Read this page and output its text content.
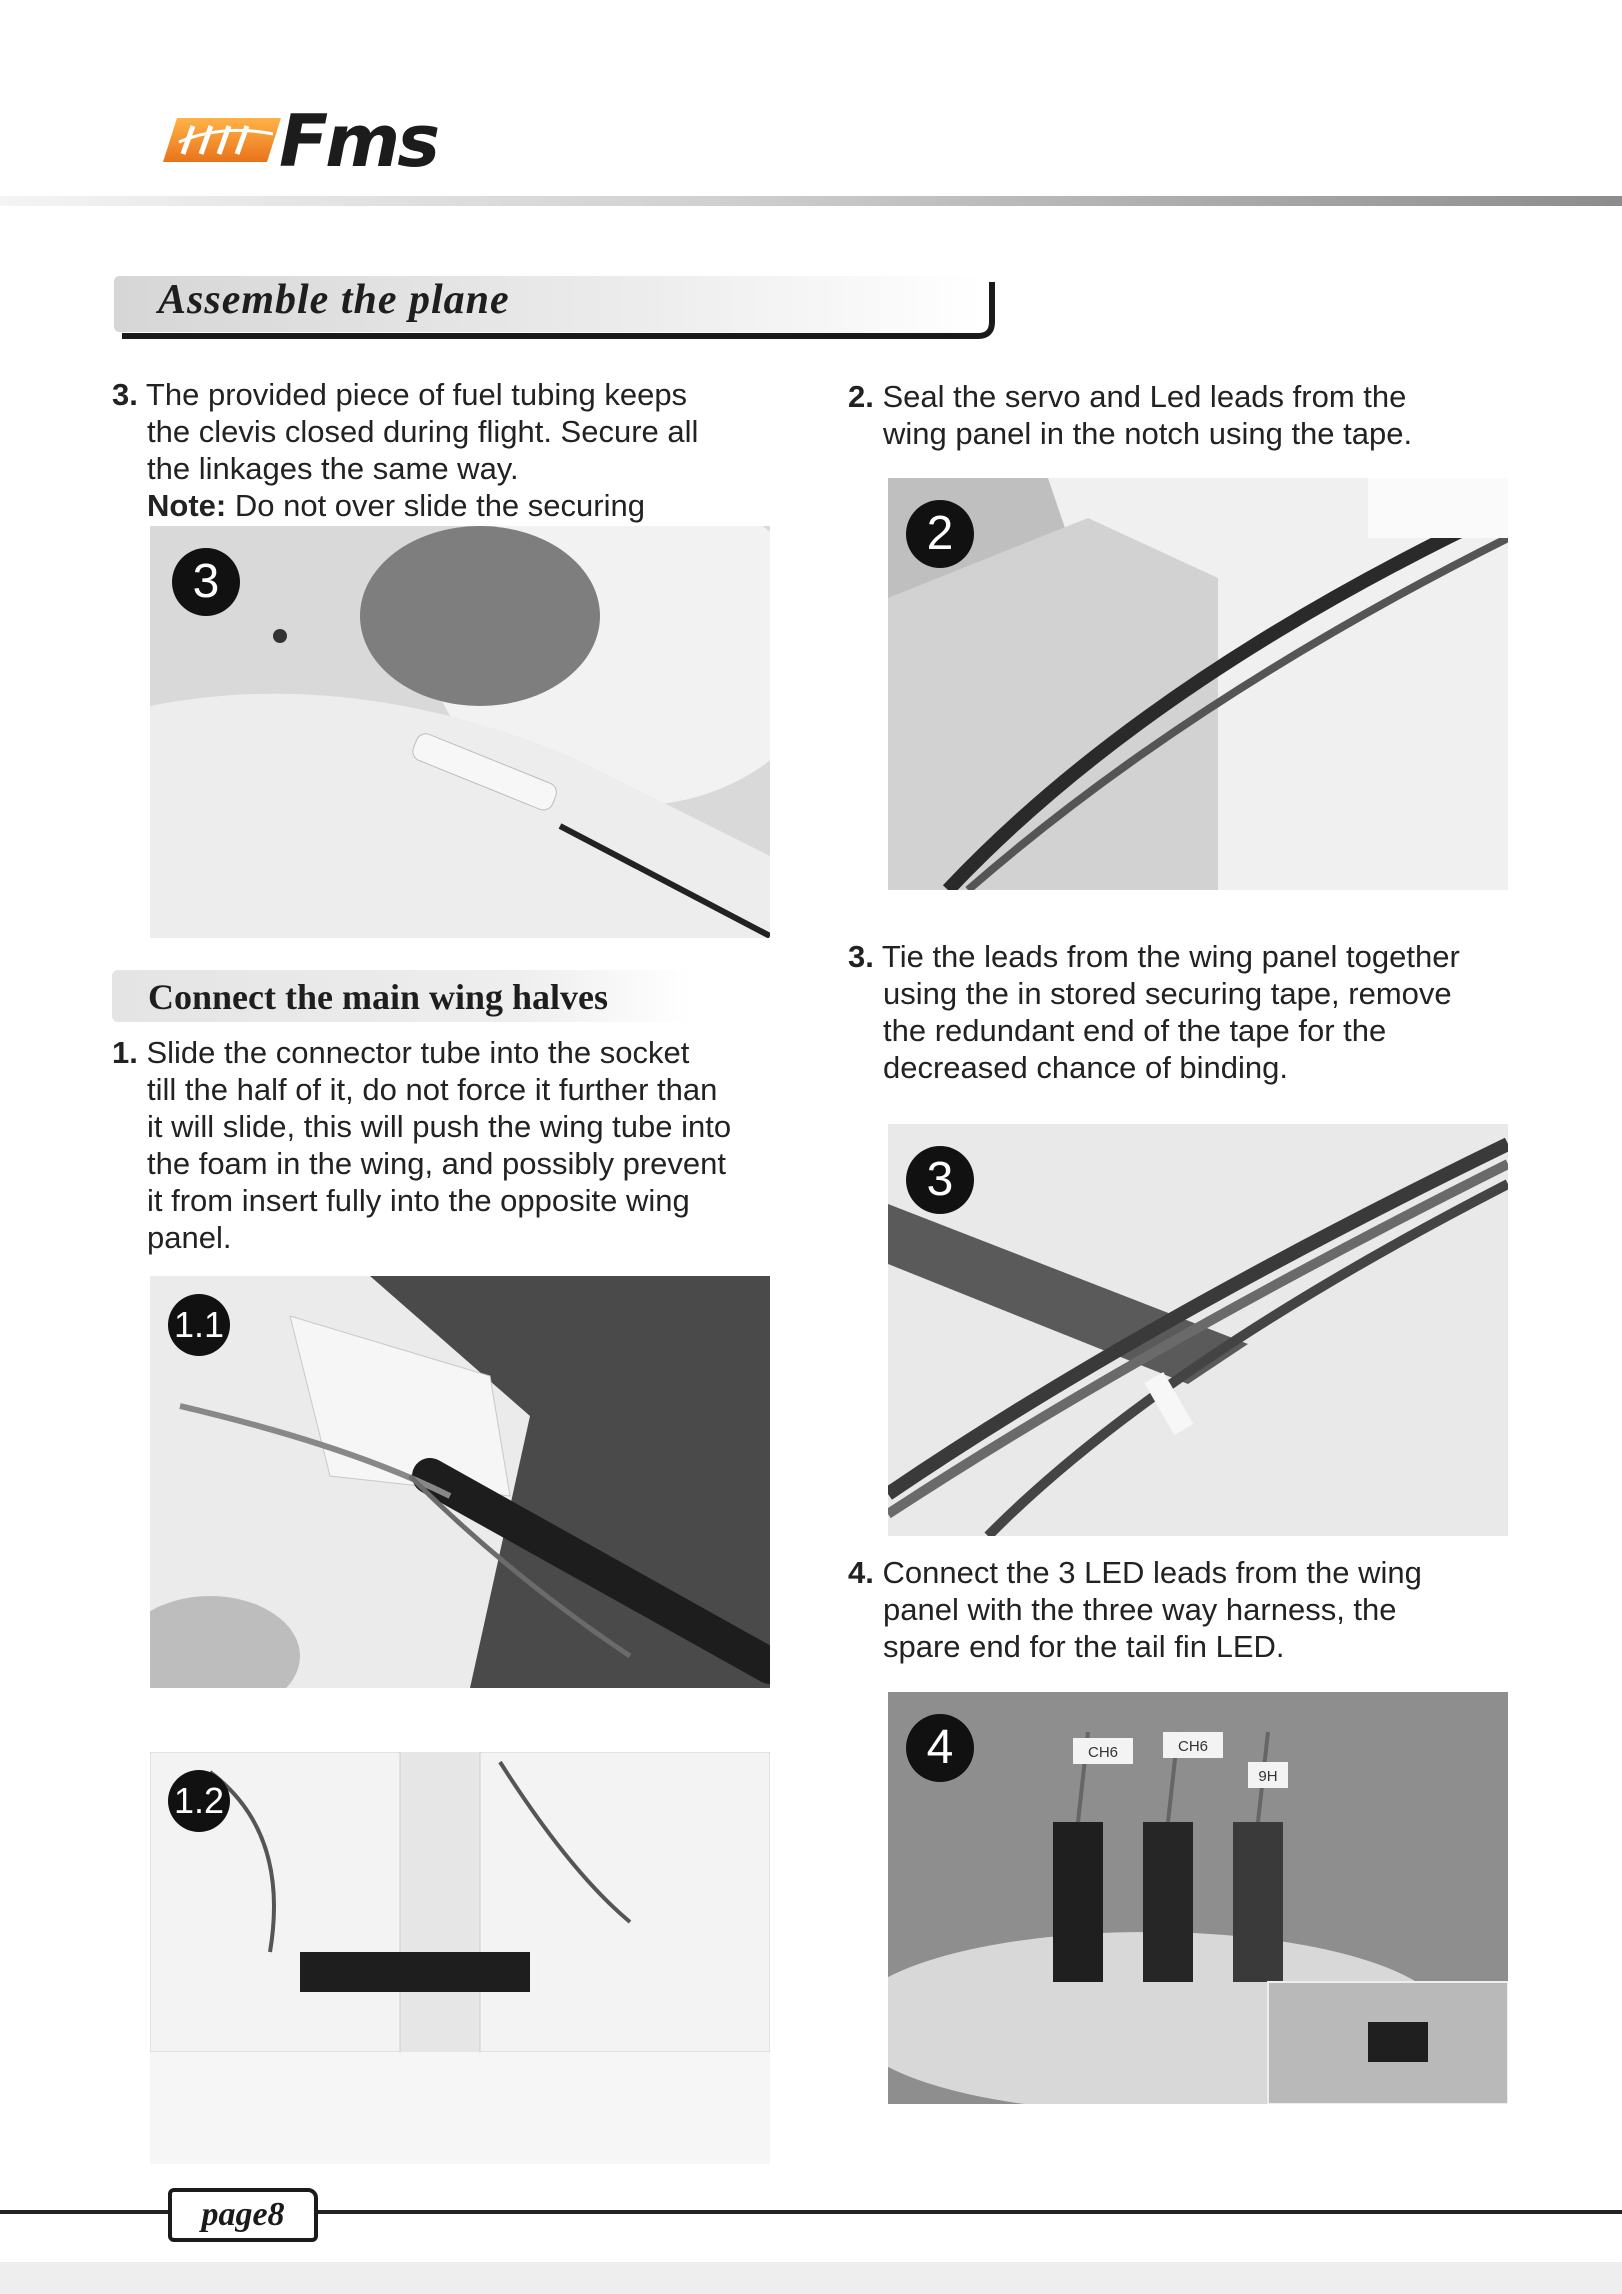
Fms
Assemble the plane
3. The provided piece of fuel tubing keeps
the clevis closed during flight. Secure all
the linkages the same way.
Note: Do not over slide the securing
3
Connect the main wing halves
1. Slide the connector tube into the socket
till the half of it, do not force it further than
it will slide, this will push the wing tube into
the foam in the wing, and possibly prevent
it from insert fully into the opposite wing
panel.
1.1
1.2
2. Seal the servo and Led leads from the
wing panel in the notch using the tape.
2
3. Tie the leads from the wing panel together
using the in stored securing tape, remove
the redundant end of the tape for the
decreased chance of binding.
3
4. Connect the 3 LED leads from the wing
panel with the three way harness, the
spare end for the tail fin LED.
CH6	CH6
9H
4
page8
